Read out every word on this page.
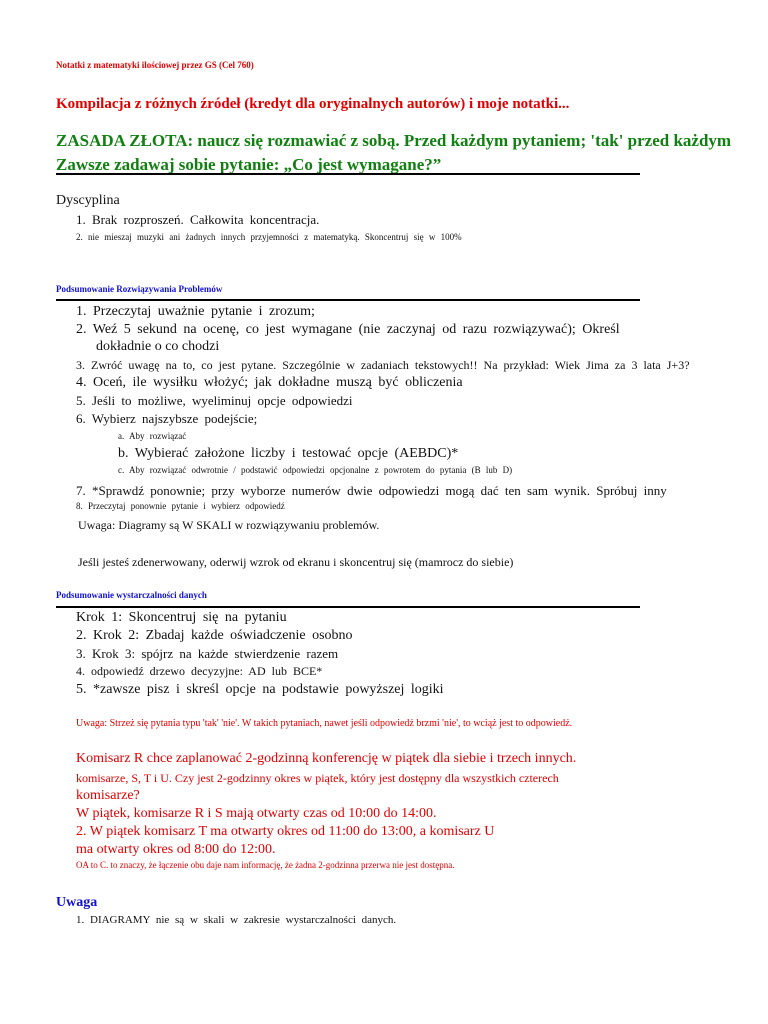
Notatki z matematyki ilościowej przez GS (Cel 760)
Kompilacja z różnych źródeł (kredyt dla oryginalnych autorów) i moje notatki...
ZASADA ZŁOTA: naucz się rozmawiać z sobą. Przed każdym pytaniem; 'tak' przed każdym
Zawsze zadawaj sobie pytanie: „Co jest wymagane?”
Dyscyplina
1. Brak rozproszeń. Całkowita koncentracja.
2. nie mieszaj muzyki ani żadnych innych przyjemności z matematyką. Skoncentruj się w 100%
Podsumowanie Rozwiązywania Problemów
1. Przeczytaj uważnie pytanie i zrozum;
2. Weź 5 sekund na ocenę, co jest wymagane (nie zaczynaj od razu rozwiązywać); Określ
dokładnie o co chodzi
3. Zwróć uwagę na to, co jest pytane. Szczególnie w zadaniach tekstowych!! Na przykład: Wiek Jima za 3 lata J+3?
4. Oceń, ile wysiłku włożyć; jak dokładne muszą być obliczenia
5. Jeśli to możliwe, wyeliminuj opcje odpowiedzi
6. Wybierz najszybsze podejście;
a. Aby rozwiązać
b. Wybierać założone liczby i testować opcje (AEBDC)*
c. Aby rozwiązać odwrotnie / podstawić odpowiedzi opcjonalne z powrotem do pytania (B lub D)
7. *Sprawdź ponownie; przy wyborze numerów dwie odpowiedzi mogą dać ten sam wynik. Spróbuj inny
8. Przeczytaj ponownie pytanie i wybierz odpowiedź
Uwaga: Diagramy są W SKALI w rozwiązywaniu problemów.
Jeśli jesteś zdenerwowany, oderwij wzrok od ekranu i skoncentruj się (mamrocz do siebie)
Podsumowanie wystarczalności danych
Krok 1: Skoncentruj się na pytaniu
2. Krok 2: Zbadaj każde oświadczenie osobno
3. Krok 3: spójrz na każde stwierdzenie razem
4. odpowiedź drzewo decyzyjne: AD lub BCE*
5. *zawsze pisz i skreśl opcje na podstawie powyższej logiki
Uwaga: Strzeż się pytania typu 'tak' 'nie'. W takich pytaniach, nawet jeśli odpowiedź brzmi 'nie', to wciąż jest to odpowiedź.
Komisarz R chce zaplanować 2-godzinną konferencję w piątek dla siebie i trzech innych.
komisarze, S, T i U. Czy jest 2-godzinny okres w piątek, który jest dostępny dla wszystkich czterech
komisarze?
W piątek, komisarze R i S mają otwarty czas od 10:00 do 14:00.
2. W piątek komisarz T ma otwarty okres od 11:00 do 13:00, a komisarz U
ma otwarty okres od 8:00 do 12:00.
OA to C. to znaczy, że łączenie obu daje nam informację, że żadna 2-godzinna przerwa nie jest dostępna.
Uwaga
1. DIAGRAMY nie są w skali w zakresie wystarczalności danych.
